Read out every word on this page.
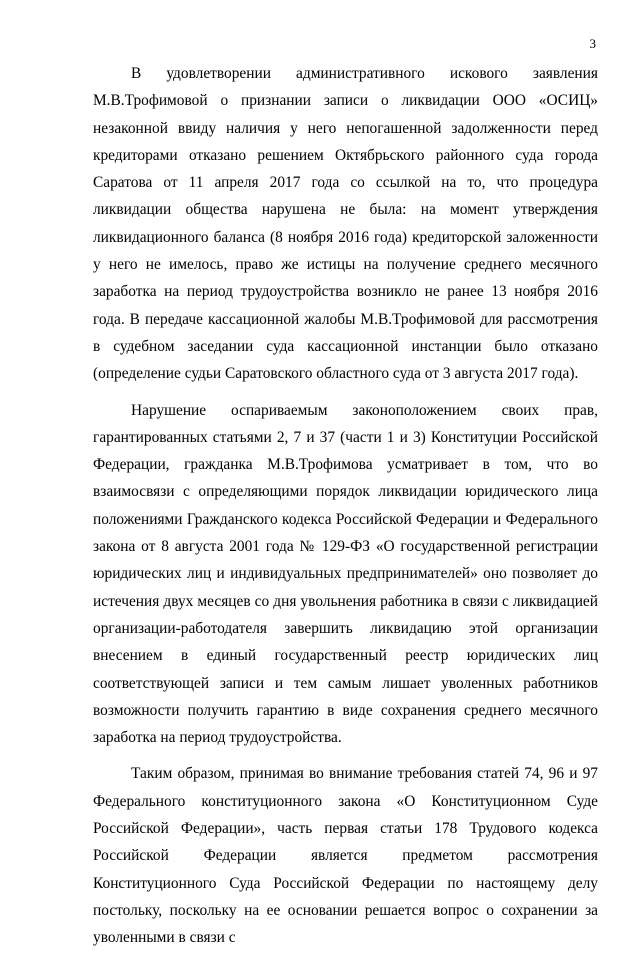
3

В удовлетворении административного искового заявления М.В.Трофимовой о признании записи о ликвидации ООО «ОСИЦ» незаконной ввиду наличия у него непогашенной задолженности перед кредиторами отказано решением Октябрьского районного суда города Саратова от 11 апреля 2017 года со ссылкой на то, что процедура ликвидации общества нарушена не была: на момент утверждения ликвидационного баланса (8 ноября 2016 года) кредиторской заложенности у него не имелось, право же истицы на получение среднего месячного заработка на период трудоустройства возникло не ранее 13 ноября 2016 года. В передаче кассационной жалобы М.В.Трофимовой для рассмотрения в судебном заседании суда кассационной инстанции было отказано (определение судьи Саратовского областного суда от 3 августа 2017 года).

Нарушение оспариваемым законоположением своих прав, гарантированных статьями 2, 7 и 37 (части 1 и 3) Конституции Российской Федерации, гражданка М.В.Трофимова усматривает в том, что во взаимосвязи с определяющими порядок ликвидации юридического лица положениями Гражданского кодекса Российской Федерации и Федерального закона от 8 августа 2001 года № 129-ФЗ «О государственной регистрации юридических лиц и индивидуальных предпринимателей» оно позволяет до истечения двух месяцев со дня увольнения работника в связи с ликвидацией организации-работодателя завершить ликвидацию этой организации внесением в единый государственный реестр юридических лиц соответствующей записи и тем самым лишает уволенных работников возможности получить гарантию в виде сохранения среднего месячного заработка на период трудоустройства.

Таким образом, принимая во внимание требования статей 74, 96 и 97 Федерального конституционного закона «О Конституционном Суде Российской Федерации», часть первая статьи 178 Трудового кодекса Российской Федерации является предметом рассмотрения Конституционного Суда Российской Федерации по настоящему делу постольку, поскольку на ее основании решается вопрос о сохранении за уволенными в связи с
